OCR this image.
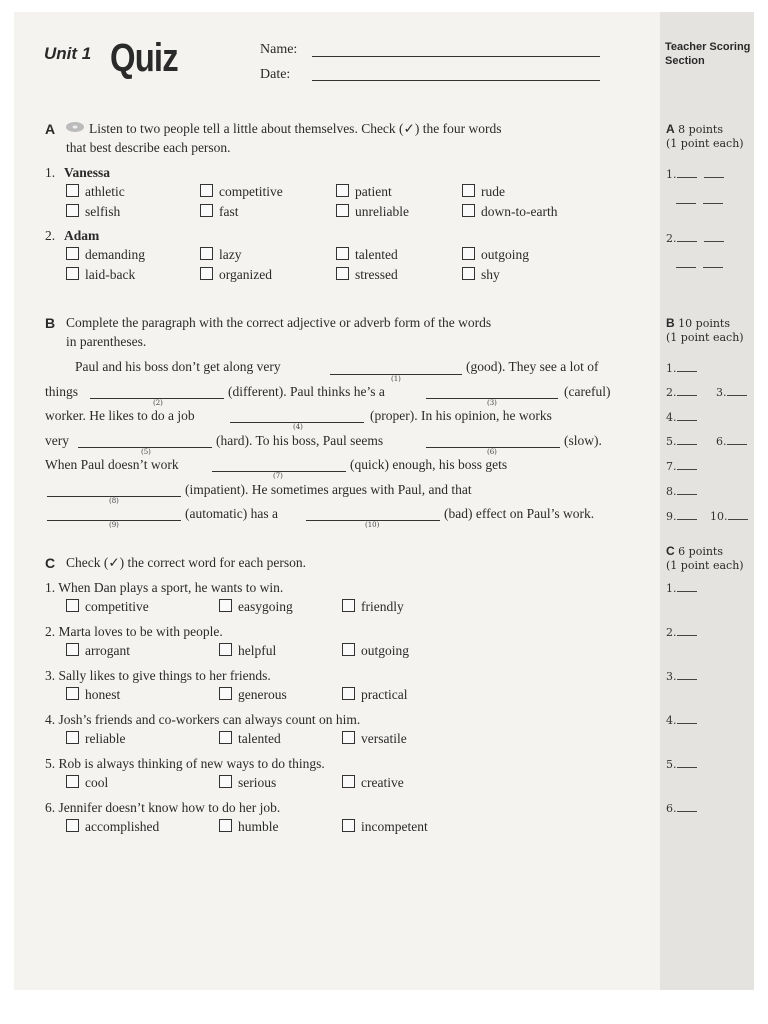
Unit 1 Quiz	Name:
Date:
Teacher Scoring
Section
A 8 points
(1 point each)
1.

2.

B 10 points
(1 point each)
1.
2.	3.
4.
5.	6.
7.
8.
9.	10.
C 6 points
(1 point each)
1.
2.
3.
4.
5.
6.
A	Listen to two people tell a little about themselves. Check (✓) the four words
that best describe each person.
1. Vanessa
athletic	competitive	patient	rude
selfish	fast	unreliable	down-to-earth
2. Adam
demanding	lazy	talented	outgoing
laid-back	organized	stressed	shy
B Complete the paragraph with the correct adjective or adverb form of the words
in parentheses.
Paul and his boss don’t get along very
(1)
(good). They see a lot of
things
(2)
(different). Paul thinks he’s a
(3)
(careful)
worker. He likes to do a job
(4)
(proper). In his opinion, he works
very
(5)
(hard). To his boss, Paul seems
(6)
(slow).
When Paul doesn’t work
(7)
(quick) enough, his boss gets
(8)
(impatient). He sometimes argues with Paul, and that
(9)
(automatic) has a
(10)
(bad) effect on Paul’s work.
C Check (✓) the correct word for each person.
1. When Dan plays a sport, he wants to win.
competitive	easygoing	friendly
2. Marta loves to be with people.
arrogant	helpful	outgoing
3. Sally likes to give things to her friends.
honest	generous	practical
4. Josh’s friends and co-workers can always count on him.
reliable	talented	versatile
5. Rob is always thinking of new ways to do things.
cool	serious	creative
6. Jennifer doesn’t know how to do her job.
accomplished	humble	incompetent
